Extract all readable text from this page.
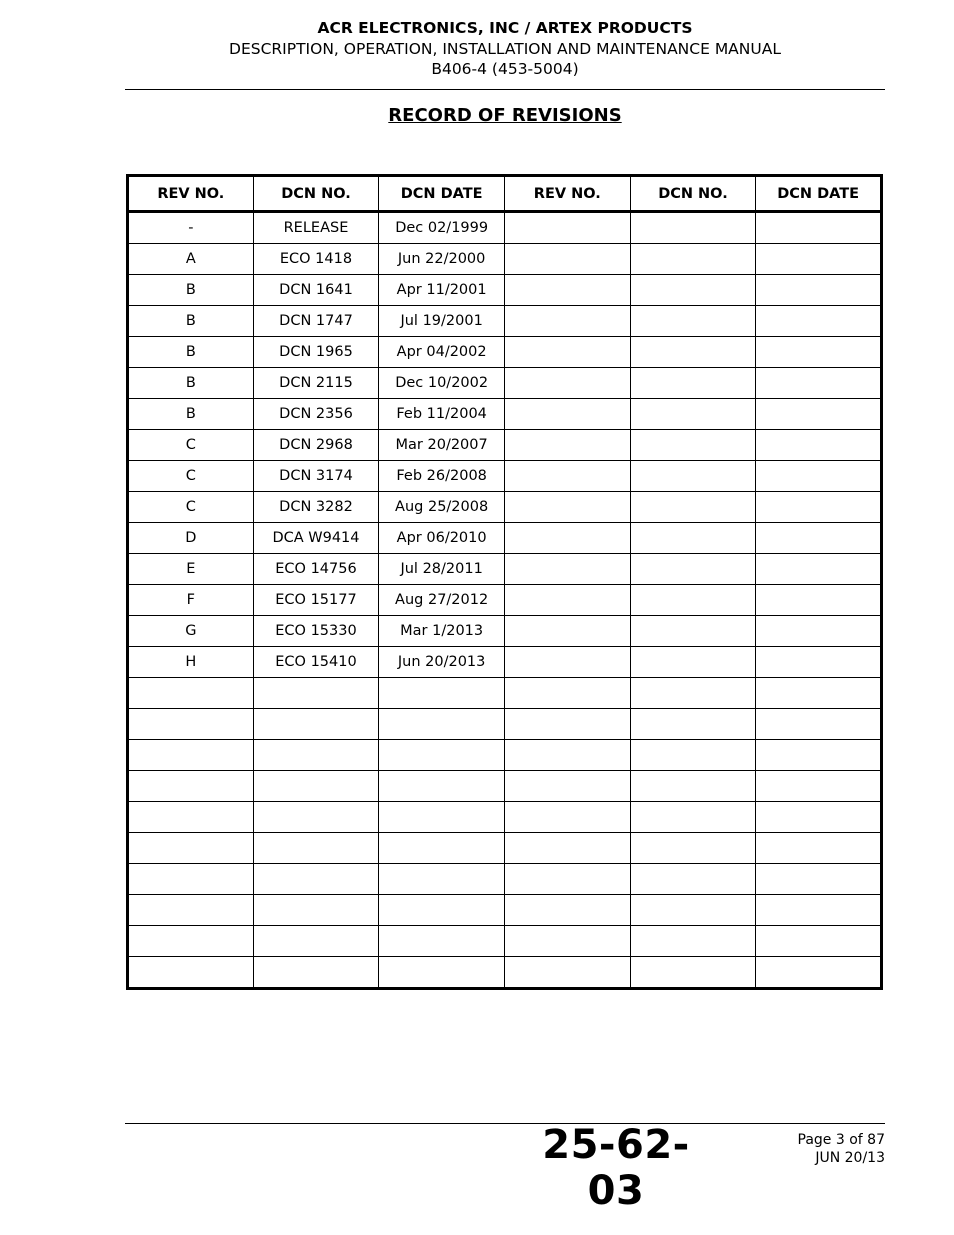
ACR ELECTRONICS, INC / ARTEX PRODUCTS
DESCRIPTION, OPERATION, INSTALLATION AND MAINTENANCE MANUAL
B406-4 (453-5004)
RECORD OF REVISIONS
REV NO.	DCN NO.	DCN DATE	REV NO.	DCN NO.	DCN DATE
-	RELEASE	Dec 02/1999			
A	ECO 1418	Jun 22/2000			
B	DCN 1641	Apr 11/2001			
B	DCN 1747	Jul 19/2001			
B	DCN 1965	Apr 04/2002			
B	DCN 2115	Dec 10/2002			
B	DCN 2356	Feb 11/2004			
C	DCN 2968	Mar 20/2007			
C	DCN 3174	Feb 26/2008			
C	DCN 3282	Aug 25/2008			
D	DCA W9414	Apr 06/2010			
E	ECO 14756	Jul 28/2011			
F	ECO 15177	Aug 27/2012			
G	ECO 15330	Mar 1/2013			
H	ECO 15410	Jun 20/2013			

25-62-03
Page 3 of 87
JUN 20/13
